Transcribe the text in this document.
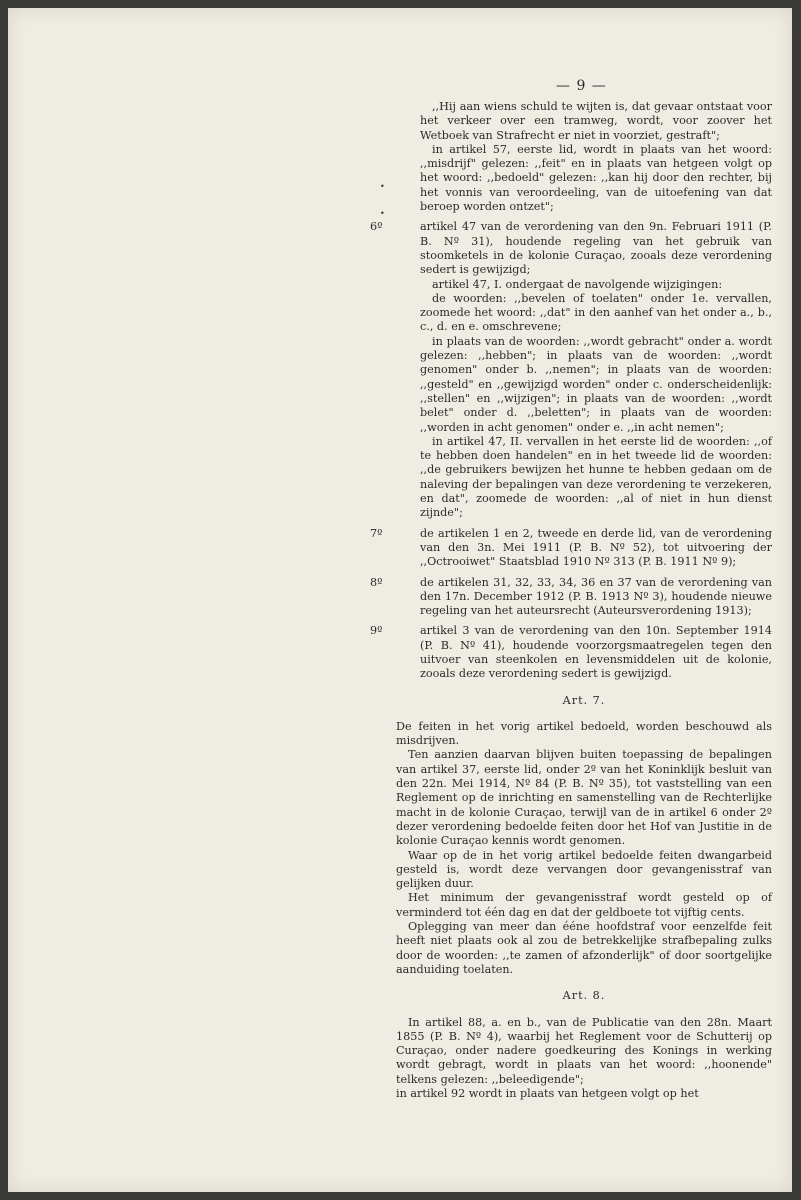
— 9 —
•
•

,,Hij aan wiens schuld te wijten is, dat gevaar ontstaat voor het verkeer over een tramweg, wordt, voor zoover het Wetboek van Strafrecht er niet in voorziet, gestraft";

in artikel 57, eerste lid, wordt in plaats van het woord: ,,misdrijf" gelezen: ,,feit" en in plaats van hetgeen volgt op het woord: ,,bedoeld" gelezen: ,,kan hij door den rechter, bij het vonnis van veroordeeling, van de uitoefening van dat beroep worden ontzet";

6º	artikel 47 van de verordening van den 9n. Februari 1911 (P. B. Nº 31), houdende regeling van het gebruik van stoomketels in de kolonie Curaçao, zooals deze verordening sedert is gewijzigd;

artikel 47, I. ondergaat de navolgende wijzigingen:

de woorden: ,,bevelen of toelaten" onder 1e. vervallen, zoomede het woord: ,,dat" in den aanhef van het onder a., b., c., d. en e. omschrevene;

in plaats van de woorden: ,,wordt gebracht" onder a. wordt gelezen: ,,hebben"; in plaats van de woorden: ,,wordt genomen" onder b. ,,nemen"; in plaats van de woorden: ,,gesteld" en ,,gewijzigd worden" onder c. onderscheidenlijk: ,,stellen" en ,,wijzigen"; in plaats van de woorden: ,,wordt belet" onder d. ,,beletten"; in plaats van de woorden: ,,worden in acht genomen" onder e. ,,in acht nemen";

in artikel 47, II. vervallen in het eerste lid de woorden: ,,of te hebben doen handelen" en in het tweede lid de woorden: ,,de gebruikers bewijzen het hunne te hebben gedaan om de naleving der bepalingen van deze verordening te verzekeren, en dat", zoomede de woorden: ,,al of niet in hun dienst zijnde";

7º	de artikelen 1 en 2, tweede en derde lid, van de verordening van den 3n. Mei 1911 (P. B. Nº 52), tot uitvoering der ,,Octrooiwet" Staatsblad 1910 Nº 313 (P. B. 1911 Nº 9);

8º	de artikelen 31, 32, 33, 34, 36 en 37 van de verordening van den 17n. December 1912 (P. B. 1913 Nº 3), houdende nieuwe regeling van het auteursrecht (Auteursverordening 1913);

9º	artikel 3 van de verordening van den 10n. September 1914 (P. B. Nº 41), houdende voorzorgsmaatregelen tegen den uitvoer van steenkolen en levensmiddelen uit de kolonie, zooals deze verordening sedert is gewijzigd.

Art. 7.

De feiten in het vorig artikel bedoeld, worden beschouwd als misdrijven.

Ten aanzien daarvan blijven buiten toepassing de bepalingen van artikel 37, eerste lid, onder 2º van het Koninklijk besluit van den 22n. Mei 1914, Nº 84 (P. B. Nº 35), tot vaststelling van een Reglement op de inrichting en samenstelling van de Rechterlijke macht in de kolonie Curaçao, terwijl van de in artikel 6 onder 2º dezer verordening bedoelde feiten door het Hof van Justitie in de kolonie Curaçao kennis wordt genomen.

Waar op de in het vorig artikel bedoelde feiten dwangarbeid gesteld is, wordt deze vervangen door gevangenisstraf van gelijken duur.

Het minimum der gevangenisstraf wordt gesteld op of verminderd tot één dag en dat der geldboete tot vijftig cents.

Oplegging van meer dan ééne hoofdstraf voor eenzelfde feit heeft niet plaats ook al zou de betrekkelijke strafbepaling zulks door de woorden: ,,te zamen of afzonderlijk" of door soortgelijke aanduiding toelaten.

Art. 8.

In artikel 88, a. en b., van de Publicatie van den 28n. Maart 1855 (P. B. Nº 4), waarbij het Reglement voor de Schutterij op Curaçao, onder nadere goedkeuring des Konings in werking wordt gebragt, wordt in plaats van het woord: ,,hoonende" telkens gelezen: ,,beleedigende";

in artikel 92 wordt in plaats van hetgeen volgt op het
